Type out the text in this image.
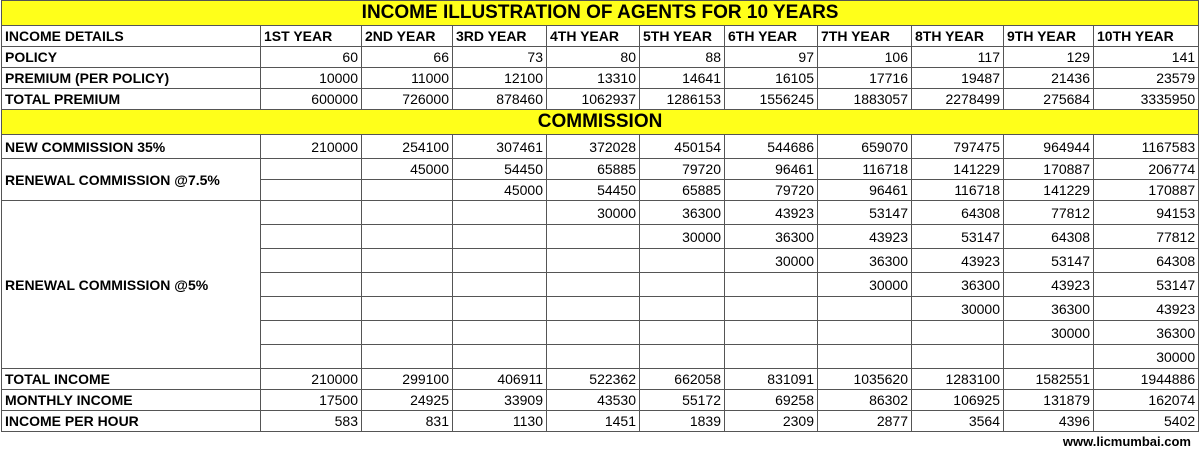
INCOME ILLUSTRATION OF AGENTS FOR 10 YEARS										
INCOME DETAILS	1ST YEAR	2ND YEAR	3RD YEAR	4TH YEAR	5TH YEAR	6TH YEAR	7TH YEAR	8TH YEAR	9TH YEAR	10TH YEAR
POLICY	60	66	73	80	88	97	106	117	129	141
PREMIUM (PER POLICY)	10000	11000	12100	13310	14641	16105	17716	19487	21436	23579
TOTAL PREMIUM	600000	726000	878460	1062937	1286153	1556245	1883057	2278499	275684	3335950
COMMISSION										
NEW COMMISSION 35%	210000	254100	307461	372028	450154	544686	659070	797475	964944	1167583
RENEWAL COMMISSION @7.5%		45000	54450	65885	79720	96461	116718	141229	170887	206774
			45000	54450	65885	79720	96461	116718	141229	170887
RENEWAL COMMISSION @5%				30000	36300	43923	53147	64308	77812	94153
					30000	36300	43923	53147	64308	77812
						30000	36300	43923	53147	64308
							30000	36300	43923	53147
								30000	36300	43923
									30000	36300
										30000
TOTAL INCOME	210000	299100	406911	522362	662058	831091	1035620	1283100	1582551	1944886
MONTHLY INCOME	17500	24925	33909	43530	55172	69258	86302	106925	131879	162074
INCOME PER HOUR	583	831	1130	1451	1839	2309	2877	3564	4396	5402
www.licmumbai.com
